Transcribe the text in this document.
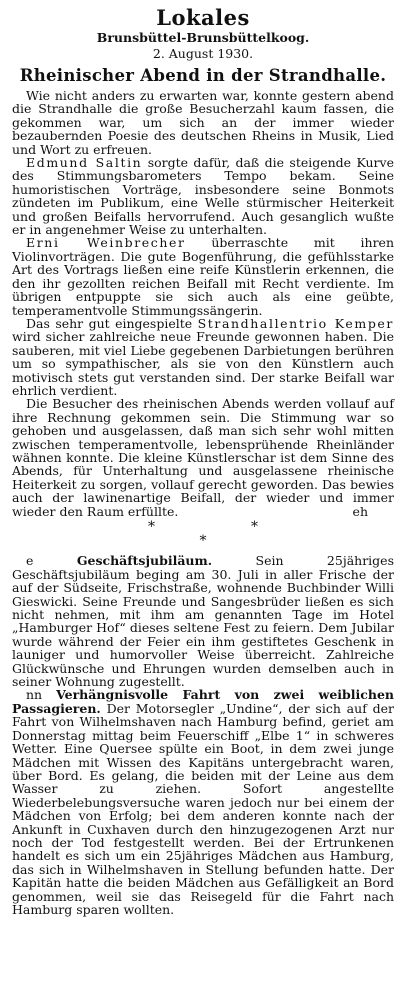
Lokales
Brunsbüttel-Brunsbüttelkoog.
2. August 1930.
Rheinischer Abend in der Strandhalle.

Wie nicht anders zu erwarten war, konnte gestern abend die Strandhalle die große Besucherzahl kaum fassen, die gekommen war, um sich an der immer wieder bezaubernden Poesie des deutschen Rheins in Musik, Lied und Wort zu erfreuen.

Edmund Saltin sorgte dafür, daß die steigende Kurve des Stimmungsbarometers Tempo bekam. Seine humoristischen Vorträge, insbesondere seine Bonmots zündeten im Publikum, eine Welle stürmischer Heiterkeit und großen Beifalls hervorrufend. Auch gesanglich wußte er in angenehmer Weise zu unterhalten.

Erni Weinbrecher überraschte mit ihren Violinvorträgen. Die gute Bogenführung, die gefühlsstarke Art des Vortrags ließen eine reife Künstlerin erkennen, die den ihr gezollten reichen Beifall mit Recht verdiente. Im übrigen entpuppte sie sich auch als eine geübte, temperamentvolle Stimmungssängerin.

Das sehr gut eingespielte Strandhallentrio Kemper wird sicher zahlreiche neue Freunde gewonnen haben. Die sauberen, mit viel Liebe gegebenen Darbietungen berühren um so sympathischer, als sie von den Künstlern auch motivisch stets gut verstanden sind. Der starke Beifall war ehrlich verdient.

Die Besucher des rheinischen Abends werden vollauf auf ihre Rechnung gekommen sein. Die Stimmung war so gehoben und ausgelassen, daß man sich sehr wohl mitten zwischen temperamentvolle, lebensprühende Rheinländer wähnen konnte. Die kleine Künstlerschar ist dem Sinne des Abends, für Unterhaltung und ausgelassene rheinische Heiterkeit zu sorgen, vollauf gerecht geworden. Das bewies auch der lawinenartige Beifall, der wieder und immer wieder den Raum erfüllte.	eh
*	*
*

e Geschäftsjubiläum. Sein 25jähriges Geschäftsjubiläum beging am 30. Juli in aller Frische der auf der Südseite, Frischstraße, wohnende Buchbinder Willi Gieswicki. Seine Freunde und Sangesbrüder ließen es sich nicht nehmen, mit ihm am genannten Tage im Hotel „Hamburger Hof“ dieses seltene Fest zu feiern. Dem Jubilar wurde während der Feier ein ihm gestiftetes Geschenk in launiger und humorvoller Weise überreicht. Zahlreiche Glückwünsche und Ehrungen wurden demselben auch in seiner Wohnung zugestellt.

nn Verhängnisvolle Fahrt von zwei weiblichen Passagieren. Der Motorsegler „Undine“, der sich auf der Fahrt von Wilhelmshaven nach Hamburg befind, geriet am Donnerstag mittag beim Feuerschiff „Elbe 1“ in schweres Wetter. Eine Quersee spülte ein Boot, in dem zwei junge Mädchen mit Wissen des Kapitäns untergebracht waren, über Bord. Es gelang, die beiden mit der Leine aus dem Wasser zu ziehen. Sofort angestellte Wiederbelebungsversuche waren jedoch nur bei einem der Mädchen von Erfolg; bei dem anderen konnte nach der Ankunft in Cuxhaven durch den hinzugezogenen Arzt nur noch der Tod festgestellt werden. Bei der Ertrunkenen handelt es sich um ein 25jähriges Mädchen aus Hamburg, das sich in Wilhelmshaven in Stellung befunden hatte. Der Kapitän hatte die beiden Mädchen aus Gefälligkeit an Bord genommen, weil sie das Reisegeld für die Fahrt nach Hamburg sparen wollten.
